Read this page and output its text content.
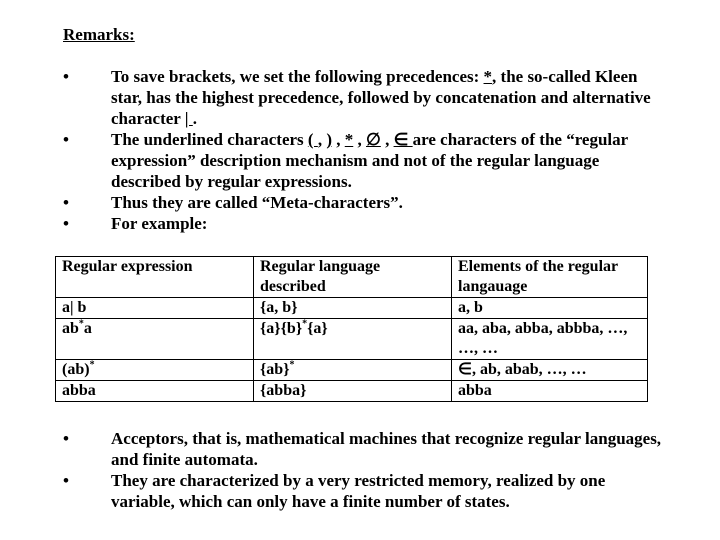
Remarks:

• To save brackets, we set the following precedences: *, the so-called Kleen star, has the highest precedence, followed by concatenation and alternative character | .

• The underlined characters ( , ) , * , ∅ , ∈ are characters of the “regular expression” description mechanism and not of the regular language described by regular expressions.

• Thus they are called “Meta-characters”.

• For example:

Regular expression	Regular language described	Elements of the regular langauage
a| b	{a, b}	a, b
ab*a	{a}{b}*{a}	aa, aba, abba, abbba, …, …, …
(ab)*	{ab}*	∈, ab, abab, …, …
abba	{abba}	abba

• Acceptors, that is, mathematical machines that recognize regular languages, and finite automata.

• They are characterized by a very restricted memory, realized by one variable, which can only have a finite number of states.
